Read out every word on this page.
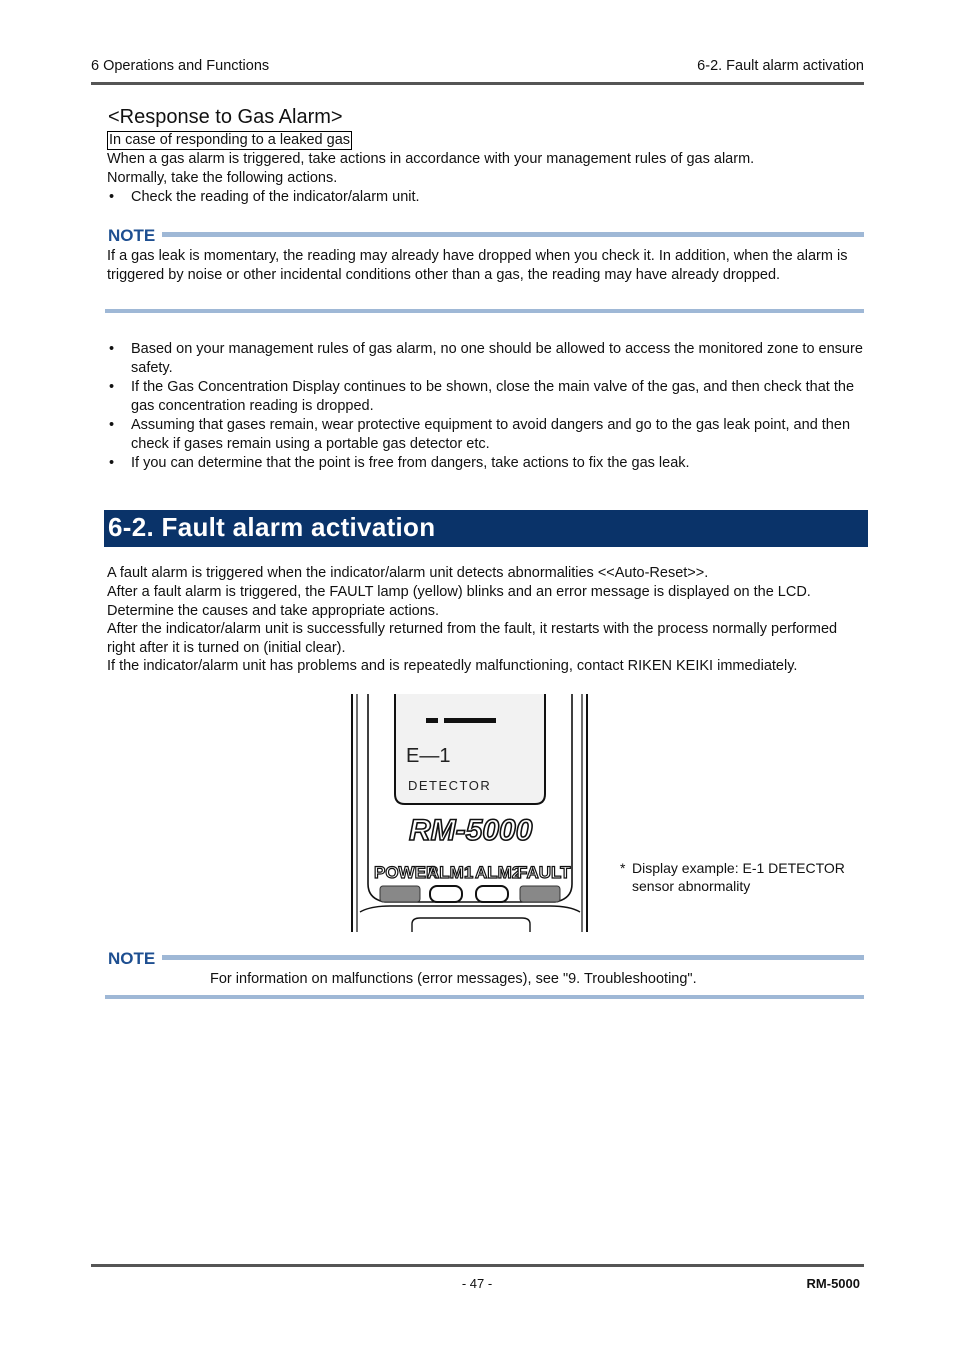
6 Operations and Functions	6-2. Fault alarm activation
<Response to Gas Alarm>
In case of responding to a leaked gas
When a gas alarm is triggered, take actions in accordance with your management rules of gas alarm.
Normally, take the following actions.
•	Check the reading of the indicator/alarm unit.
NOTE
If a gas leak is momentary, the reading may already have dropped when you check it. In addition, when the alarm is triggered by noise or other incidental conditions other than a gas, the reading may have already dropped.
•	Based on your management rules of gas alarm, no one should be allowed to access the monitored zone to ensure safety.
•	If the Gas Concentration Display continues to be shown, close the main valve of the gas, and then check that the gas concentration reading is dropped.
•	Assuming that gases remain, wear protective equipment to avoid dangers and go to the gas leak point, and then check if gases remain using a portable gas detector etc.
•	If you can determine that the point is free from dangers, take actions to fix the gas leak.
6-2. Fault alarm activation
A fault alarm is triggered when the indicator/alarm unit detects abnormalities <<Auto-Reset>>.
After a fault alarm is triggered, the FAULT lamp (yellow) blinks and an error message is displayed on the LCD. Determine the causes and take appropriate actions.
After the indicator/alarm unit is successfully returned from the fault, it restarts with the process normally performed right after it is turned on (initial clear).
If the indicator/alarm unit has problems and is repeatedly malfunctioning, contact RIKEN KEIKI immediately.
E—1
DETECTOR
RM-5000
POWER
ALM1 ALM2
FAULT	* Display example: E-1 DETECTOR
sensor abnormality
NOTE
For information on malfunctions (error messages), see "9. Troubleshooting".
- 47 -	RM-5000
